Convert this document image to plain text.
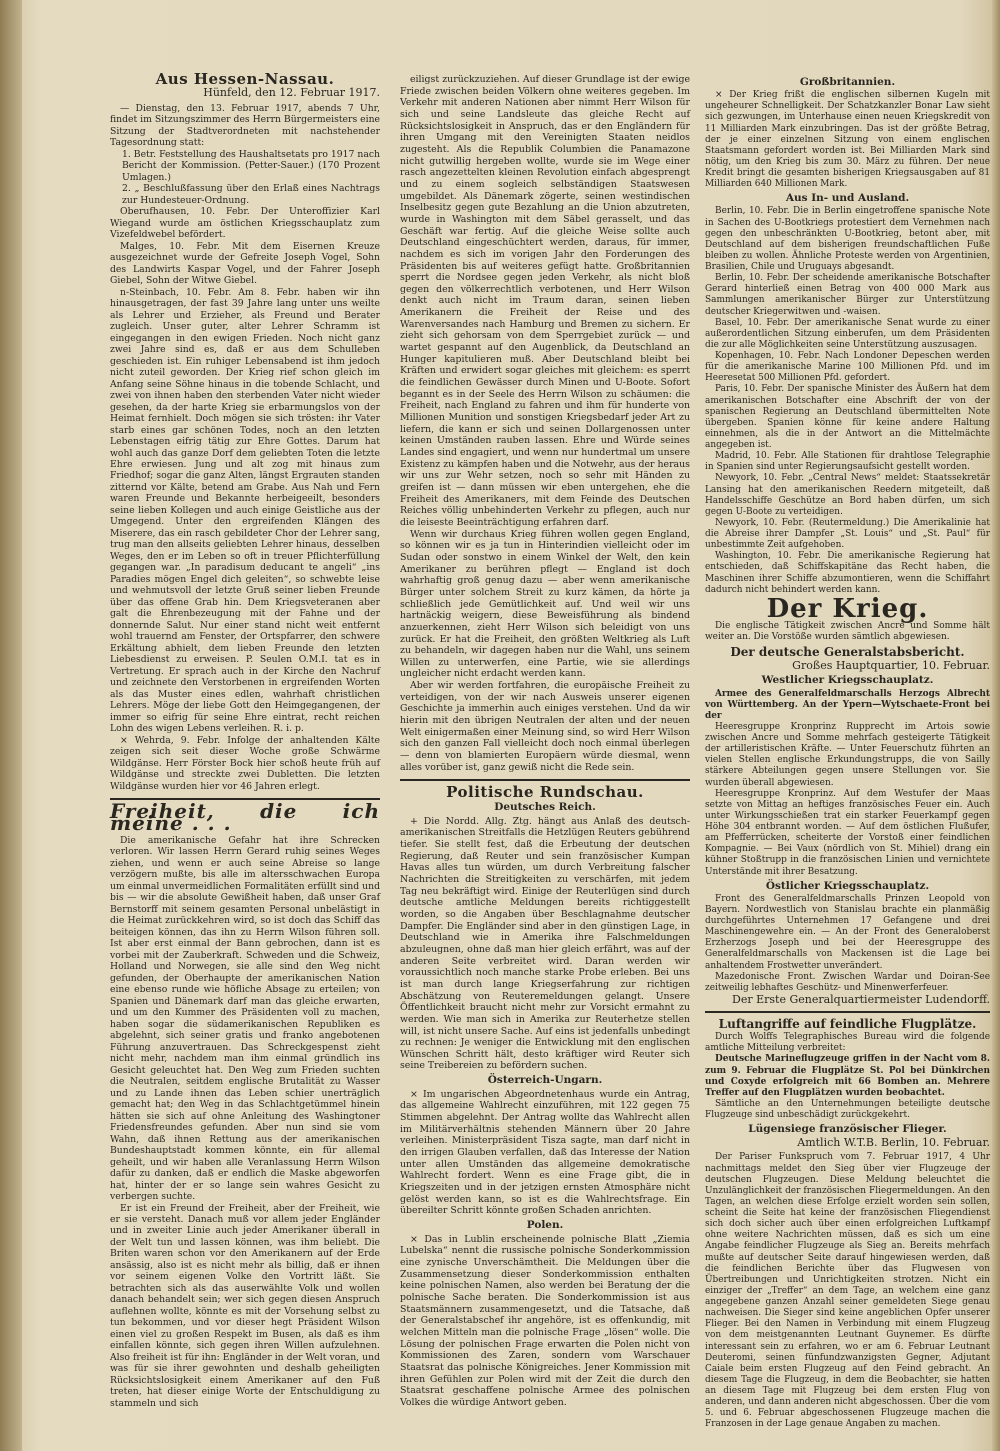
Aus Hessen-Nassau.
Hünfeld, den 12. Februar 1917.

— Dienstag, den 13. Februar 1917, abends 7 Uhr, findet im Sitzungszimmer des Herrn Bürgermeisters eine Sitzung der Stadtverordneten mit nachstehender Tagesordnung statt:

1. Betr. Feststellung des Haushaltsetats pro 1917 nach Bericht der Kommission. (Petter-Sauer.) (170 Prozent Umlagen.)
2. „ Beschlußfassung über den Erlaß eines Nachtrags zur Hundesteuer-Ordnung.

Oberufhausen, 10. Febr. Der Unteroffizier Karl Wiegand wurde am östlichen Kriegsschauplatz zum Vizefeldwebel befördert.

Malges, 10. Febr. Mit dem Eisernen Kreuze ausgezeichnet wurde der Gefreite Joseph Vogel, Sohn des Landwirts Kaspar Vogel, und der Fahrer Joseph Giebel, Sohn der Witwe Giebel.

n-Steinbach, 10. Febr. Am 8. Febr. haben wir ihn hinausgetragen, der fast 39 Jahre lang unter uns weilte als Lehrer und Erzieher, als Freund und Berater zugleich. Unser guter, alter Lehrer Schramm ist eingegangen in den ewigen Frieden. Noch nicht ganz zwei Jahre sind es, daß er aus dem Schulleben geschieden ist. Ein ruhiger Lebensabend ist ihm jedoch nicht zuteil geworden. Der Krieg rief schon gleich im Anfang seine Söhne hinaus in die tobende Schlacht, und zwei von ihnen haben den sterbenden Vater nicht wieder gesehen, da der harte Krieg sie erbarmungslos von der Heimat fernhielt. Doch mögen sie sich trösten: ihr Vater starb eines gar schönen Todes, noch an den letzten Lebenstagen eifrig tätig zur Ehre Gottes. Darum hat wohl auch das ganze Dorf dem geliebten Toten die letzte Ehre erwiesen. Jung und alt zog mit hinaus zum Friedhof; sogar die ganz Alten, längst Ergrauten standen zitternd vor Kälte, betend am Grabe. Aus Nah und Fern waren Freunde und Bekannte herbeigeeilt, besonders seine lieben Kollegen und auch einige Geistliche aus der Umgegend. Unter den ergreifenden Klängen des Miserere, das ein rasch gebildeter Chor der Lehrer sang, trug man den allseits geliebten Lehrer hinaus, desselben Weges, den er im Leben so oft in treuer Pflichterfüllung gegangen war. „In paradisum deducant te angeli“ „ins Paradies mögen Engel dich geleiten“, so schwebte leise und wehmutsvoll der letzte Gruß seiner lieben Freunde über das offene Grab hin. Dem Kriegsveteranen aber galt die Ehrenbezeugung mit der Fahne und der donnernde Salut. Nur einer stand nicht weit entfernt wohl trauernd am Fenster, der Ortspfarrer, den schwere Erkältung abhielt, dem lieben Freunde den letzten Liebesdienst zu erweisen. P. Seulen O.M.I. tat es in Vertretung. Er sprach auch in der Kirche den Nachruf und zeichnete den Verstorbenen in ergreifenden Worten als das Muster eines edlen, wahrhaft christlichen Lehrers. Möge der liebe Gott den Heimgegangenen, der immer so eifrig für seine Ehre eintrat, recht reichen Lohn des wigen Lebens verleihen. R. i. p.

× Wehrda, 9. Febr. Infolge der anhaltenden Kälte zeigen sich seit dieser Woche große Schwärme Wildgänse. Herr Förster Bock hier schoß heute früh auf Wildgänse und streckte zwei Dubletten. Die letzten Wildgänse wurden hier vor 46 Jahren erlegt.

Freiheit, die ich meine . . .

Die amerikanische Gefahr hat ihre Schrecken verloren. Wir lassen Herrn Gerard ruhig seines Weges ziehen, und wenn er auch seine Abreise so lange verzögern mußte, bis alle im altersschwachen Europa um einmal unvermeidlichen Formalitäten erfüllt sind und bis — wir die absolute Gewißheit haben, daß unser Graf Bernstorff mit seinem gesamten Personal unbelästigt in die Heimat zurückkehren wird, so ist doch das Schiff das beiteigen können, das ihn zu Herrn Wilson führen soll. Ist aber erst einmal der Bann gebrochen, dann ist es vorbei mit der Zauberkraft. Schweden und die Schweiz, Holland und Norwegen, sie alle sind den Weg nicht gefunden, der Oberhaupte der amerikanischen Nation eine ebenso runde wie höfliche Absage zu erteilen; von Spanien und Dänemark darf man das gleiche erwarten, und um den Kummer des Präsidenten voll zu machen, haben sogar die südamerikanischen Republiken es abgelehnt, sich seiner gratis und franko angebotenen Führung anzuvertrauen. Das Schreckgespenst zieht nicht mehr, nachdem man ihm einmal gründlich ins Gesicht geleuchtet hat. Den Weg zum Frieden suchten die Neutralen, seitdem englische Brutalität zu Wasser und zu Lande ihnen das Leben schier unerträglich gemacht hat; den Weg in das Schlachtgetümmel hinein hätten sie sich auf ohne Anleitung des Washingtoner Friedensfreundes gefunden. Aber nun sind sie vom Wahn, daß ihnen Rettung aus der amerikanischen Bundeshauptstadt kommen könnte, ein für allemal geheilt, und wir haben alle Veranlassung Herrn Wilson dafür zu danken, daß er endlich die Maske abgeworfen hat, hinter der er so lange sein wahres Gesicht zu verbergen suchte.

Er ist ein Freund der Freiheit, aber der Freiheit, wie er sie versteht. Danach muß vor allem jeder Engländer und in zweiter Linie auch jeder Amerikaner überall in der Welt tun und lassen können, was ihm beliebt. Die Briten waren schon vor den Amerikanern auf der Erde ansässig, also ist es nicht mehr als billig, daß er ihnen vor seinem eigenen Volke den Vortritt läßt. Sie betrachten sich als das auserwählte Volk und wollen danach behandelt sein; wer sich gegen diesen Anspruch auflehnen wollte, könnte es mit der Vorsehung selbst zu tun bekommen, und vor dieser hegt Präsident Wilson einen viel zu großen Respekt im Busen, als daß es ihm einfallen könnte, sich gegen ihren Willen aufzulehnen. Also freiheit ist für ihn: Engländer in der Welt voran, und was für sie ihrer gewohnten und deshalb geheiligten Rücksichtslosigkeit einem Amerikaner auf den Fuß treten, hat dieser einige Worte der Entschuldigung zu stammeln und sich

eiligst zurückzuziehen. Auf dieser Grundlage ist der ewige Friede zwischen beiden Völkern ohne weiteres gegeben. Im Verkehr mit anderen Nationen aber nimmt Herr Wilson für sich und seine Landsleute das gleiche Recht auf Rücksichtslosigkeit in Anspruch, das er den Engländern für ihren Umgang mit den Vereinigten Staaten neidlos zugesteht. Als die Republik Columbien die Panamazone nicht gutwillig hergeben wollte, wurde sie im Wege einer rasch angezettelten kleinen Revolution einfach abgesprengt und zu einem sogleich selbständigen Staatswesen umgebildet. Als Dänemark zögerte, seinen westindischen Inselbesitz gegen gute Bezahlung an die Union abzutreten, wurde in Washington mit dem Säbel gerasselt, und das Geschäft war fertig. Auf die gleiche Weise sollte auch Deutschland eingeschüchtert werden, daraus, für immer, nachdem es sich im vorigen Jahr den Forderungen des Präsidenten bis auf weiteres gefügt hatte. Großbritannien sperrt die Nordsee gegen jeden Verkehr, als nicht bloß gegen den völkerrechtlich verbotenen, und Herr Wilson denkt auch nicht im Traum daran, seinen lieben Amerikanern die Freiheit der Reise und des Warenversandes nach Hamburg und Bremen zu sichern. Er zieht sich gehorsam von dem Sperrgebiet zurück — und wartet gespannt auf den Augenblick, da Deutschland an Hunger kapitulieren muß. Aber Deutschland bleibt bei Kräften und erwidert sogar gleiches mit gleichem: es sperrt die feindlichen Gewässer durch Minen und U-Boote. Sofort begannt es in der Seele des Herrn Wilson zu schäumen: die Freiheit, nach England zu fahren und ihm für hunderte von Millionen Munition und sonstigen Kriegsbedarf jeder Art zu liefern, die kann er sich und seinen Dollargenossen unter keinen Umständen rauben lassen. Ehre und Würde seines Landes sind engagiert, und wenn nur hundertmal um unsere Existenz zu kämpfen haben und die Notwehr, aus der heraus wir uns zur Wehr setzen, noch so sehr mit Händen zu greifen ist — dann müssen wir eben untergehen, ehe die Freiheit des Amerikaners, mit dem Feinde des Deutschen Reiches völlig unbehinderten Verkehr zu pflegen, auch nur die leiseste Beeinträchtigung erfahren darf.

Wenn wir durchaus Krieg führen wollen gegen England, so können wir es ja tun in Hinterindien vielleicht oder im Sudan oder sonstwo in einem Winkel der Welt, den kein Amerikaner zu berühren pflegt — England ist doch wahrhaftig groß genug dazu — aber wenn amerikanische Bürger unter solchem Streit zu kurz kämen, da hörte ja schließlich jede Gemütlichkeit auf. Und weil wir uns hartnäckig weigern, diese Beweisführung als bindend anzuerkennen, zieht Herr Wilson sich beleidigt von uns zurück. Er hat die Freiheit, den größten Weltkrieg als Luft zu behandeln, wir dagegen haben nur die Wahl, uns seinem Willen zu unterwerfen, eine Partie, wie sie allerdings ungleicher nicht erdacht werden kann.

Aber wir werden fortfahren, die europäische Freiheit zu verteidigen, von der wir nach Ausweis unserer eigenen Geschichte ja immerhin auch einiges verstehen. Und da wir hierin mit den übrigen Neutralen der alten und der neuen Welt einigermaßen einer Meinung sind, so wird Herr Wilson sich den ganzen Fall vielleicht doch noch einmal überlegen — denn von blamierten Europäern würde diesmal, wenn alles vorüber ist, ganz gewiß nicht die Rede sein.

Politische Rundschau.
Deutsches Reich.

+ Die Nordd. Allg. Ztg. hängt aus Anlaß des deutsch-amerikanischen Streitfalls die Hetzlügen Reuters gebührend tiefer. Sie stellt fest, daß die Erbeutung der deutschen Regierung, daß Reuter und sein französischer Kumpan Havas alles tun würden, um durch Verbreitung falscher Nachrichten die Streitigkeiten zu verschärfen, mit jedem Tag neu bekräftigt wird. Einige der Reuterlügen sind durch deutsche amtliche Meldungen bereits richtiggestellt worden, so die Angaben über Beschlagnahme deutscher Dampfer. Die Engländer sind aber in den günstigen Lage, in Deutschland wie in Amerika ihre Falschmeldungen abzuleugnen, ohne daß man hier gleich erfährt, was auf der anderen Seite verbreitet wird. Daran werden wir voraussichtlich noch manche starke Probe erleben. Bei uns ist man durch lange Kriegserfahrung zur richtigen Abschätzung von Reuteremeldungen gelangt. Unsere Öffentlichkeit braucht nicht mehr zur Vorsicht ermahnt zu werden. Wie man sich in Amerika zur Reuterhetze stellen will, ist nicht unsere Sache. Auf eins ist jedenfalls unbedingt zu rechnen: Je weniger die Entwicklung mit den englischen Wünschen Schritt hält, desto kräftiger wird Reuter sich seine Treibereien zu befördern suchen.

Österreich-Ungarn.

× Im ungarischen Abgeordnetenhaus wurde ein Antrag, das allgemeine Wahlrecht einzuführen, mit 122 gegen 75 Stimmen abgelehnt. Der Antrag wollte das Wahlrecht allen im Militärverhältnis stehenden Männern über 20 Jahre verleihen. Ministerpräsident Tisza sagte, man darf nicht in den irrigen Glauben verfallen, daß das Interesse der Nation unter allen Umständen das allgemeine demokratische Wahlrecht fordert. Wenn es eine Frage gibt, die in Kriegszeiten und in der jetzigen ernsten Atmosphäre nicht gelöst werden kann, so ist es die Wahlrechtsfrage. Ein übereilter Schritt könnte großen Schaden anrichten.

Polen.

× Das in Lublin erscheinende polnische Blatt „Ziemia Lubelska“ nennt die russische polnische Sonderkommission eine zynische Unverschämtheit. Die Meldungen über die Zusammensetzung dieser Sonderkommission enthalten keine polnischen Namen, also werden bei Beratung der die polnische Sache beraten. Die Sonderkommission ist aus Staatsmännern zusammengesetzt, und die Tatsache, daß der Generalstabschef ihr angehöre, ist es offenkundig, mit welchen Mitteln man die polnische Frage „lösen“ wolle. Die Lösung der polnischen Frage erwarten die Polen nicht von Kommissionen des Zaren, sondern vom Warschauer Staatsrat das polnische Königreiches. Jener Kommission mit ihren Gefühlen zur Polen wird mit der Zeit die durch den Staatsrat geschaffene polnische Armee des polnischen Volkes die würdige Antwort geben.

Großbritannien.

× Der Krieg frißt die englischen silbernen Kugeln mit ungeheurer Schnelligkeit. Der Schatzkanzler Bonar Law sieht sich gezwungen, im Unterhause einen neuen Kriegskredit von 11 Milliarden Mark einzubringen. Das ist der größte Betrag, der je einer einzelnen Sitzung von einem englischen Staatsmann gefordert worden ist. Bei Milliarden Mark sind nötig, um den Krieg bis zum 30. März zu führen. Der neue Kredit bringt die gesamten bisherigen Kriegsausgaben auf 81 Milliarden 640 Millionen Mark.

Aus In- und Ausland.

Berlin, 10. Febr. Die in Berlin eingetroffene spanische Note in Sachen des U-Bootkriegs protestiert dem Vernehmen nach gegen den unbeschränkten U-Bootkrieg, betont aber, mit Deutschland auf dem bisherigen freundschaftlichen Fuße bleiben zu wollen. Ähnliche Proteste werden von Argentinien, Brasilien, Chile und Uruguays abgesandt.

Berlin, 10. Febr. Der scheidende amerikanische Botschafter Gerard hinterließ einen Betrag von 400 000 Mark aus Sammlungen amerikanischer Bürger zur Unterstützung deutscher Kriegerwitwen und -waisen.

Basel, 10. Febr. Der amerikanische Senat wurde zu einer außerordentlichen Sitzung einberufen, um dem Präsidenten die zur alle Möglichkeiten seine Unterstützung auszusagen.

Kopenhagen, 10. Febr. Nach Londoner Depeschen werden für die amerikanische Marine 100 Millionen Pfd. und im Heeresetat 500 Millionen Pfd. gefordert.

Paris, 10. Febr. Der spanische Minister des Äußern hat dem amerikanischen Botschafter eine Abschrift der von der spanischen Regierung an Deutschland übermittelten Note übergeben. Spanien könne für keine andere Haltung einnehmen, als die in der Antwort an die Mittelmächte angegeben ist.

Madrid, 10. Febr. Alle Stationen für drahtlose Telegraphie in Spanien sind unter Regierungsaufsicht gestellt worden.

Newyork, 10. Febr. „Central News“ meldet: Staatssekretär Lansing hat den amerikanischen Reedern mitgeteilt, daß Handelsschiffe Geschütze an Bord haben dürfen, um sich gegen U-Boote zu verteidigen.

Newyork, 10. Febr. (Reutermeldung.) Die Amerikalinie hat die Abreise ihrer Dampfer „St. Louis“ und „St. Paul“ für unbestimmte Zeit aufgehoben.

Washington, 10. Febr. Die amerikanische Regierung hat entschieden, daß Schiffskapitäne das Recht haben, die Maschinen ihrer Schiffe abzumontieren, wenn die Schiffahrt dadurch nicht behindert werden kann.

Der Krieg.

Die englische Tätigkeit zwischen Ancre und Somme hält weiter an. Die Vorstöße wurden sämtlich abgewiesen.

Der deutsche Generalstabsbericht.
Großes Hauptquartier, 10. Februar.
Westlicher Kriegsschauplatz.

Armee des Generalfeldmarschalls Herzogs Albrecht von Württemberg. An der Ypern—Wytschaete-Front bei der

Heeresgruppe Kronprinz Rupprecht im Artois sowie zwischen Ancre und Somme mehrfach gesteigerte Tätigkeit der artilleristischen Kräfte. — Unter Feuerschutz führten an vielen Stellen englische Erkundungstrupps, die von Sailly stärkere Abteilungen gegen unsere Stellungen vor. Sie wurden überall abgewiesen.

Heeresgruppe Kronprinz. Auf dem Westufer der Maas setzte von Mittag an heftiges französisches Feuer ein. Auch unter Wirkungsschießen trat ein starker Feuerkampf gegen Höhe 304 entbrannt worden. — Auf dem östlichen Flußufer, am Pfefferrücken, scheiterte der Vorstoß einer feindlichen Kompagnie. — Bei Vaux (nördlich von St. Mihiel) drang ein kühner Stoßtrupp in die französischen Linien und vernichtete Unterstände mit ihrer Besatzung.

Östlicher Kriegsschauplatz.

Front des Generalfeldmarschalls Prinzen Leopold von Bayern. Nordwestlich von Stanislau brachte ein planmäßig durchgeführtes Unternehmen 17 Gefangene und drei Maschinengewehre ein. — An der Front des Generaloberst Erzherzogs Joseph und bei der Heeresgruppe des Generalfeldmarschalls von Mackensen ist die Lage bei anhaltendem Frostwetter unverändert.

Mazedonische Front. Zwischen Wardar und Doiran-See zeitweilig lebhaftes Geschütz- und Minenwerferfeuer.

Der Erste Generalquartiermeister Ludendorff.
Luftangriffe auf feindliche Flugplätze.

Durch Wolffs Telegraphisches Bureau wird die folgende amtliche Mitteilung verbreitet:

Deutsche Marineflugzeuge griffen in der Nacht vom 8. zum 9. Februar die Flugplätze St. Pol bei Dünkirchen und Coxyde erfolgreich mit 66 Bomben an. Mehrere Treffer auf den Flugplätzen wurden beobachtet.

Sämtliche an den Unternehmungen beteiligte deutsche Flugzeuge sind unbeschädigt zurückgekehrt.

Lügensiege französischer Flieger.
Amtlich W.T.B. Berlin, 10. Februar.

Der Pariser Funkspruch vom 7. Februar 1917, 4 Uhr nachmittags meldet den Sieg über vier Flugzeuge der deutschen Flugzeugen. Diese Meldung beleuchtet die Unzulänglichkeit der französischen Fliegermeldungen. An den Tagen, an welchen diese Erfolge erzielt worden sein sollen, scheint die Seite hat keine der französischen Fliegendienst sich doch sicher auch über einen erfolgreichen Luftkampf ohne weitere Nachrichten müssen, daß es sich um eine Angabe feindlicher Flugzeuge als Sieg an. Bereits mehrfach mußte auf deutscher Seite darauf hingewiesen werden, daß die feindlichen Berichte über das Flugwesen von Übertreibungen und Unrichtigkeiten strotzen. Nicht ein einziger der „Treffer“ an dem Tage, an welchem eine ganz angegebene ganzen Anzahl seiner gemeldeten Siege genau nachweisen. Die Sieger sind keine angeblichen Opfer unserer Flieger. Bei den Namen in Verbindung mit einem Flugzeug von dem meistgenannten Leutnant Guynemer. Es dürfte interessant sein zu erfahren, wo er am 6. Februar Leutnant Deuteromi, seinen fünfundzwanzigsten Gegner, Adjutant Caiale beim ersten Flugzeug auf den Feind gebracht. An diesem Tage die Flugzeug, in dem die Beobachter, sie hatten an diesem Tage mit Flugzeug bei dem ersten Flug von anderen, und dann anderen nicht abgeschossen. Über die vom 5. und 6. Februar abgeschossenen Flugzeuge machen die Franzosen in der Lage genaue Angaben zu machen.
